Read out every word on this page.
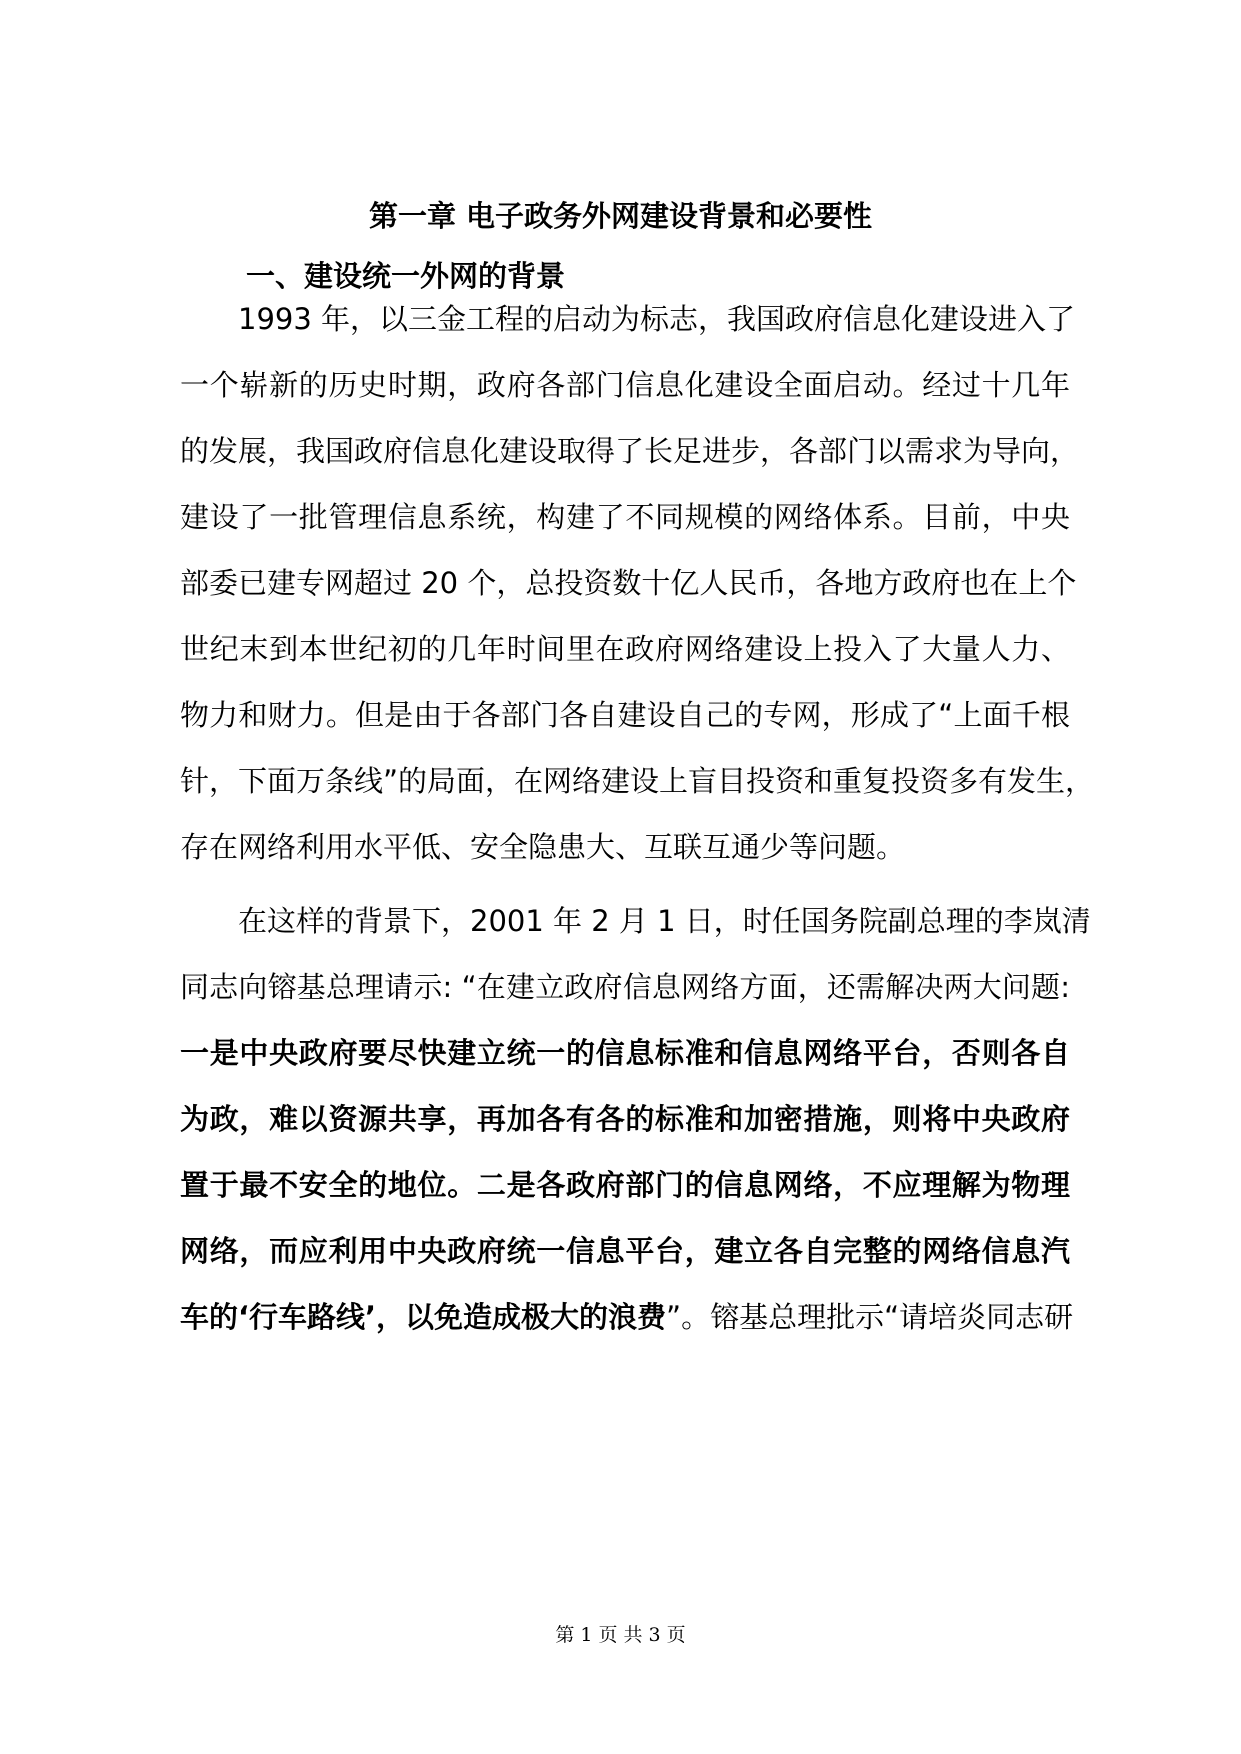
第一章 电子政务外网建设背景和必要性
一、建设统一外网的背景

1993 年，以三金工程的启动为标志，我国政府信息化建设进入了

一个崭新的历史时期，政府各部门信息化建设全面启动。经过十几年

的发展，我国政府信息化建设取得了长足进步，各部门以需求为导向，

建设了一批管理信息系统，构建了不同规模的网络体系。目前，中央

部委已建专网超过 20 个，总投资数十亿人民币，各地方政府也在上个

世纪末到本世纪初的几年时间里在政府网络建设上投入了大量人力、

物力和财力。但是由于各部门各自建设自己的专网，形成了“上面千根

针，下面万条线”的局面，在网络建设上盲目投资和重复投资多有发生，

存在网络利用水平低、安全隐患大、互联互通少等问题。

在这样的背景下，2001 年 2 月 1 日，时任国务院副总理的李岚清

同志向镕基总理请示: “在建立政府信息网络方面，还需解决两大问题:

一是中央政府要尽快建立统一的信息标准和信息网络平台，否则各自

为政，难以资源共享，再加各有各的标准和加密措施，则将中央政府

置于最不安全的地位。二是各政府部门的信息网络，不应理解为物理

网络，而应利用中央政府统一信息平台，建立各自完整的网络信息汽

车的‘行车路线’，以免造成极大的浪费”。镕基总理批示“请培炎同志研

第 1 页 共 3 页
